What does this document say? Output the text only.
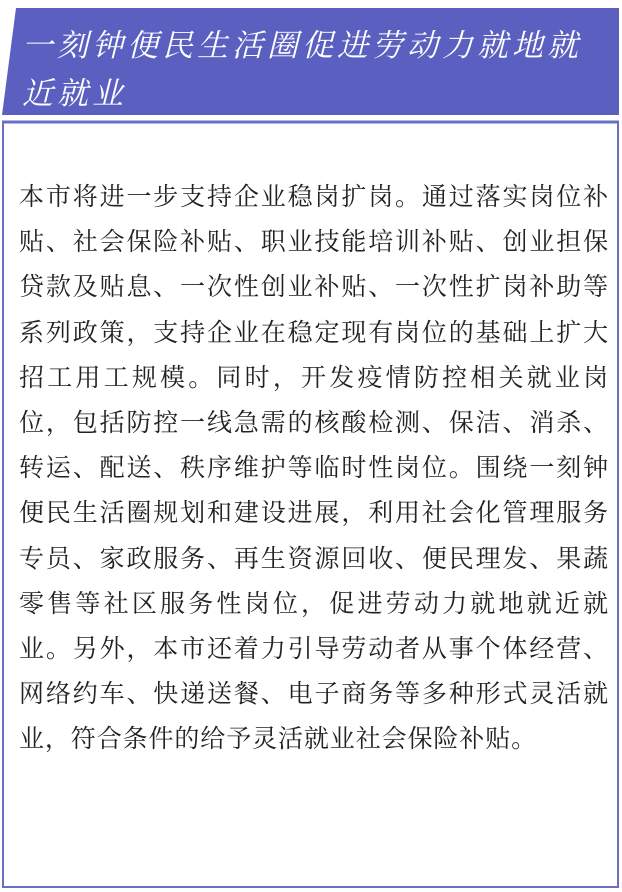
一刻钟便民生活圈促进劳动力就地就近就业

本市将进一步支持企业稳岗扩岗。通过落实岗位补贴、社会保险补贴、职业技能培训补贴、创业担保贷款及贴息、一次性创业补贴、一次性扩岗补助等系列政策，支持企业在稳定现有岗位的基础上扩大招工用工规模。同时，开发疫情防控相关就业岗位，包括防控一线急需的核酸检测、保洁、消杀、转运、配送、秩序维护等临时性岗位。围绕一刻钟便民生活圈规划和建设进展，利用社会化管理服务专员、家政服务、再生资源回收、便民理发、果蔬零售等社区服务性岗位，促进劳动力就地就近就业。另外，本市还着力引导劳动者从事个体经营、网络约车、快递送餐、电子商务等多种形式灵活就业，符合条件的给予灵活就业社会保险补贴。
